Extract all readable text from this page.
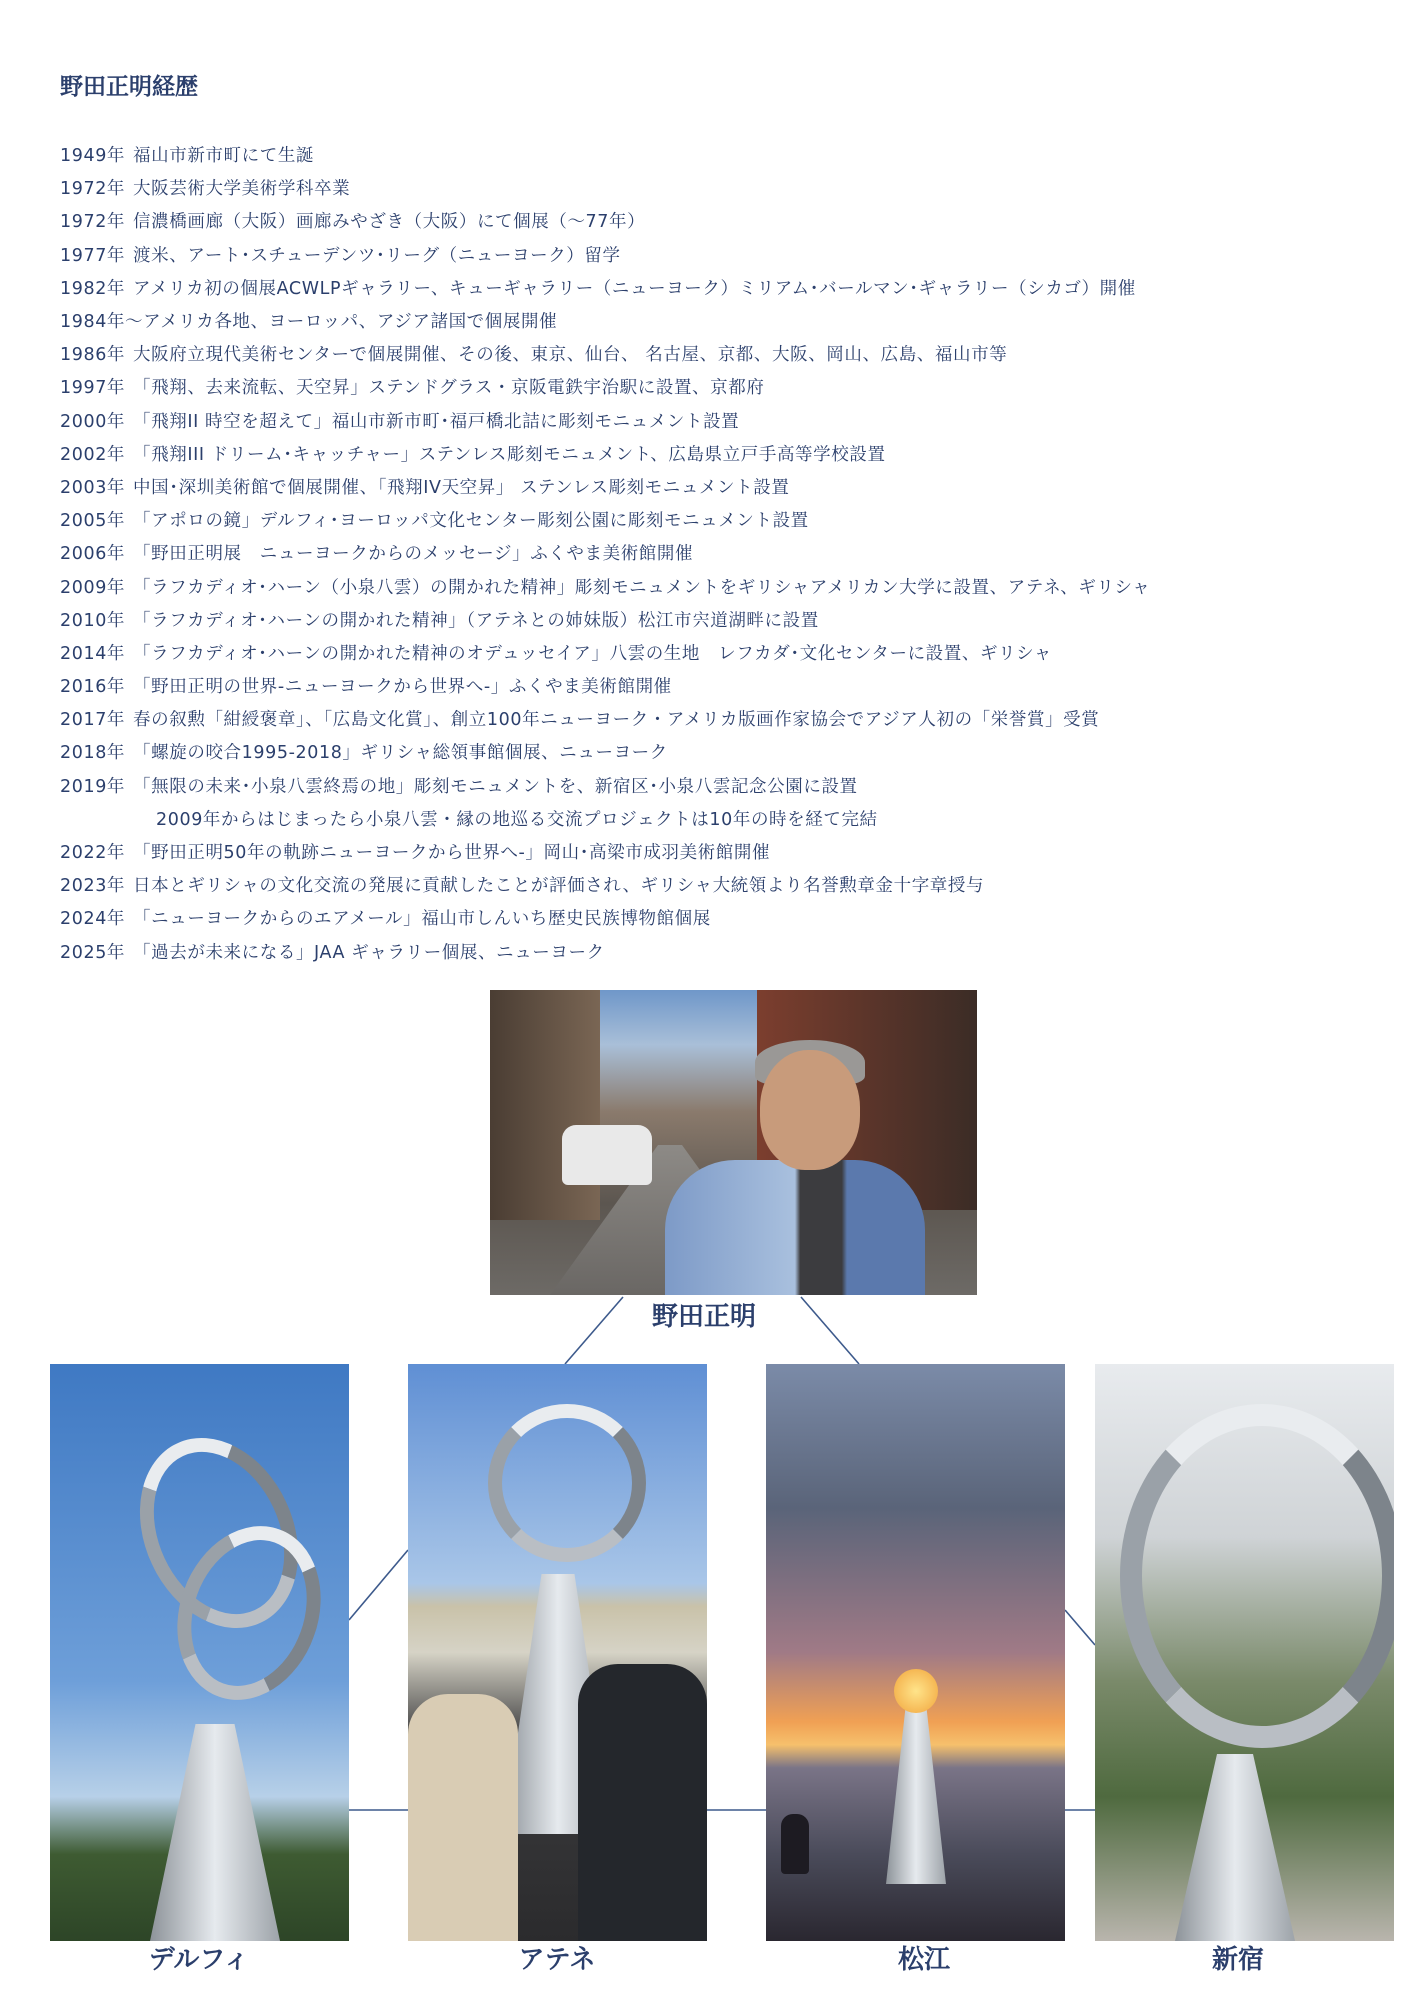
野田正明経歴
1949年 福山市新市町にて生誕
1972年 大阪芸術大学美術学科卒業
1972年 信濃橋画廊（大阪）画廊みやざき（大阪）にて個展（〜77年）
1977年 渡米、アート･スチューデンツ･リーグ（ニューヨーク）留学
1982年 アメリカ初の個展ACWLPギャラリー、キューギャラリー（ニューヨーク）ミリアム･バールマン･ギャラリー（シカゴ）開催
1984年〜 アメリカ各地、ヨーロッパ、アジア諸国で個展開催
1986年 大阪府立現代美術センターで個展開催、その後、東京、仙台、 名古屋、京都、大阪、岡山、広島、福山市等
1997年 「飛翔、去来流転、天空昇」ステンドグラス・京阪電鉄宇治駅に設置、京都府
2000年 「飛翔II 時空を超えて」福山市新市町･福戸橋北詰に彫刻モニュメント設置
2002年 「飛翔III ドリーム･キャッチャー」ステンレス彫刻モニュメント、広島県立戸手高等学校設置
2003年 中国･深圳美術館で個展開催、「飛翔IV天空昇」 ステンレス彫刻モニュメント設置
2005年 「アポロの鏡」デルフィ･ヨーロッパ文化センター彫刻公園に彫刻モニュメント設置
2006年 「野田正明展　ニューヨークからのメッセージ」ふくやま美術館開催
2009年 「ラフカディオ･ハーン（小泉八雲）の開かれた精神」彫刻モニュメントをギリシャアメリカン大学に設置、アテネ、ギリシャ
2010年 「ラフカディオ･ハーンの開かれた精神」（アテネとの姉妹版）松江市宍道湖畔に設置
2014年 「ラフカディオ･ハーンの開かれた精神のオデュッセイア」八雲の生地　レフカダ･文化センターに設置、ギリシャ
2016年 「野田正明の世界-ニューヨークから世界へ-」ふくやま美術館開催
2017年 春の叙勲「紺綬褒章」、「広島文化賞」、創立100年ニューヨーク・アメリカ版画作家協会でアジア人初の「栄誉賞」受賞
2018年 「螺旋の咬合1995-2018」ギリシャ総領事館個展、ニューヨーク
2019年 「無限の未来･小泉八雲終焉の地」彫刻モニュメントを、新宿区･小泉八雲記念公園に設置
2009年からはじまったら小泉八雲・縁の地巡る交流プロジェクトは10年の時を経て完結
2022年 「野田正明50年の軌跡ニューヨークから世界へ-」岡山･高梁市成羽美術館開催
2023年 日本とギリシャの文化交流の発展に貢献したことが評価され、ギリシャ大統領より名誉勲章金十字章授与
2024年 「ニューヨークからのエアメール」福山市しんいち歴史民族博物館個展
2025年 「過去が未来になる」JAA ギャラリー個展、ニューヨーク
野田正明
デルフィ	アテネ	松江	新宿
